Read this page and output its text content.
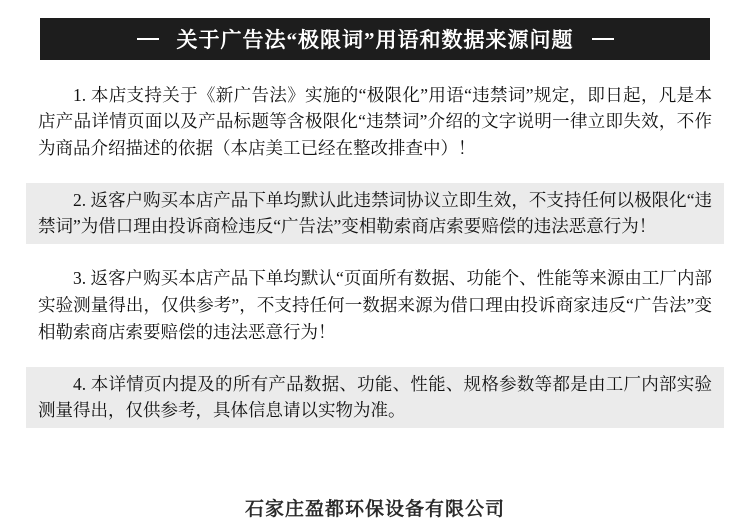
关于广告法“极限词”用语和数据来源问题

1. 本店支持关于《新广告法》实施的“极限化”用语“违禁词”规定，即日起，凡是本店产品详情页面以及产品标题等含极限化“违禁词”介绍的文字说明一律立即失效，不作为商品介绍描述的依据（本店美工已经在整改排查中）！

2. 返客户购买本店产品下单均默认此违禁词协议立即生效，不支持任何以极限化“违禁词”为借口理由投诉商检违反“广告法”变相勒索商店索要赔偿的违法恶意行为！

3. 返客户购买本店产品下单均默认“页面所有数据、功能个、性能等来源由工厂内部实验测量得出，仅供参考”，不支持任何一数据来源为借口理由投诉商家违反“广告法”变相勒索商店索要赔偿的违法恶意行为！

4. 本详情页内提及的所有产品数据、功能、性能、规格参数等都是由工厂内部实验测量得出，仅供参考，具体信息请以实物为准。

石家庄盈都环保设备有限公司
